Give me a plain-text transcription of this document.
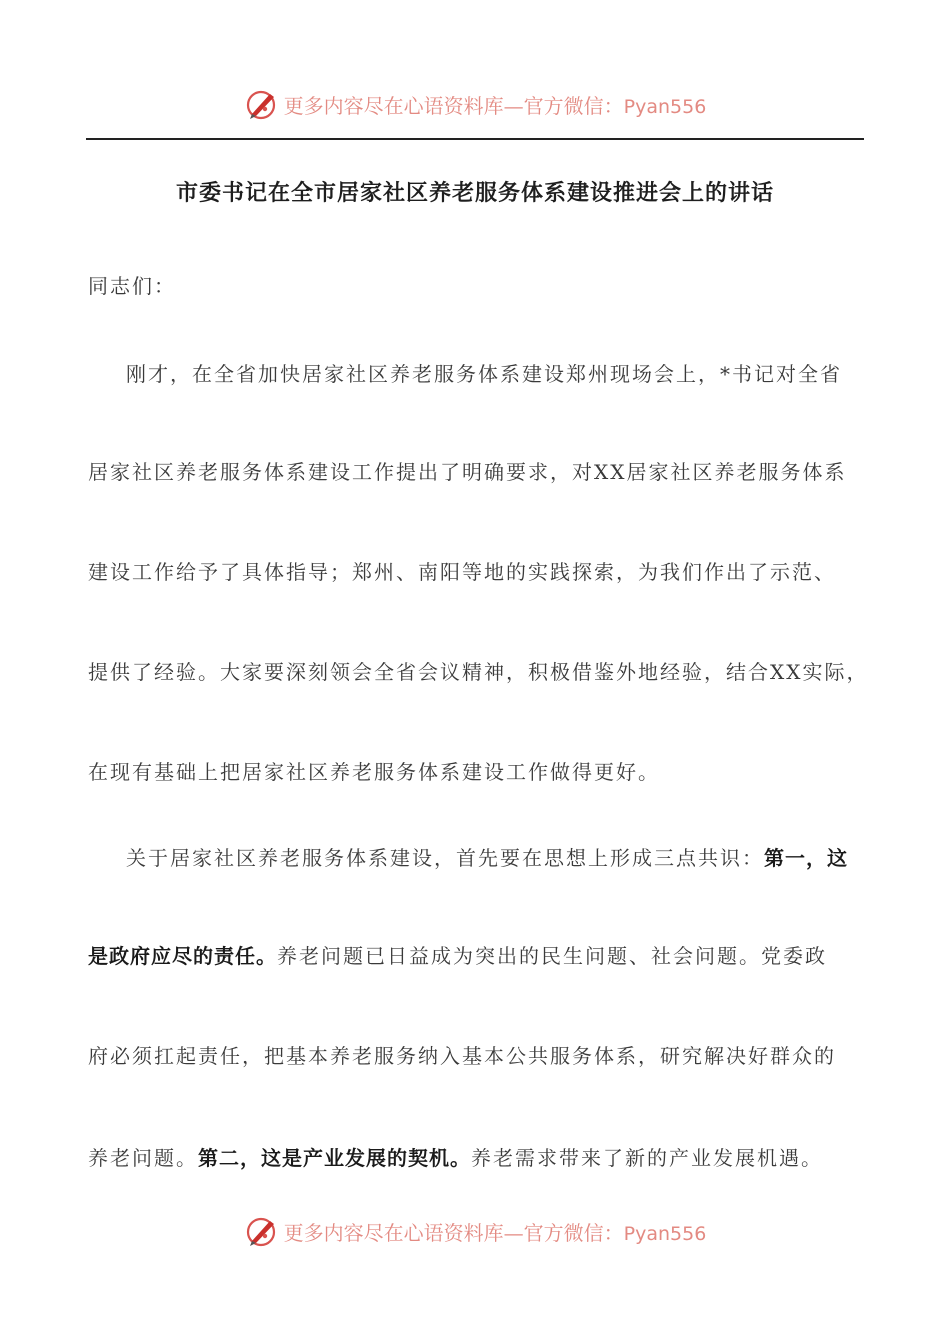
更多内容尽在心语资料库—官方微信：Pyan556
市委书记在全市居家社区养老服务体系建设推进会上的讲话
同志们：
刚才，在全省加快居家社区养老服务体系建设郑州现场会上，*书记对全省
居家社区养老服务体系建设工作提出了明确要求，对XX居家社区养老服务体系
建设工作给予了具体指导；郑州、南阳等地的实践探索，为我们作出了示范、
提供了经验。大家要深刻领会全省会议精神，积极借鉴外地经验，结合XX实际，
在现有基础上把居家社区养老服务体系建设工作做得更好。
关于居家社区养老服务体系建设，首先要在思想上形成三点共识：第一，这
是政府应尽的责任。养老问题已日益成为突出的民生问题、社会问题。党委政
府必须扛起责任，把基本养老服务纳入基本公共服务体系，研究解决好群众的
养老问题。第二，这是产业发展的契机。养老需求带来了新的产业发展机遇。
更多内容尽在心语资料库—官方微信：Pyan556
